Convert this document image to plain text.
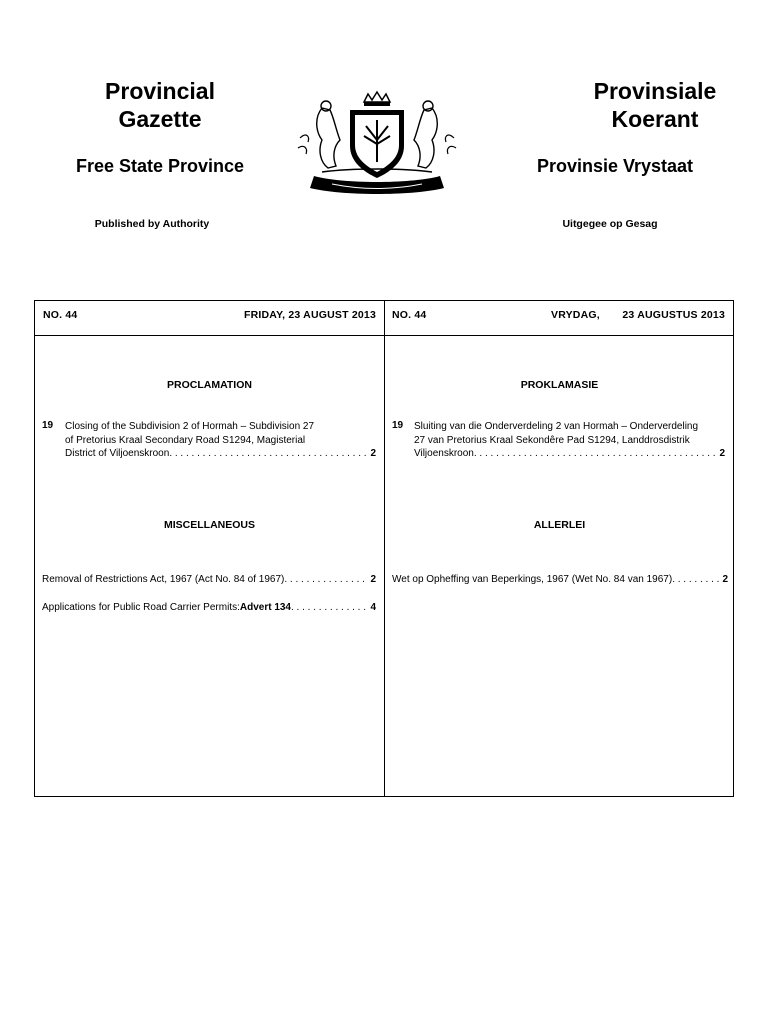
Provincial
Gazette
Free State Province
Published by Authority
Provinsiale
Koerant
Provinsie Vrystaat
Uitgegee op Gesag
NO. 44	FRIDAY, 23 AUGUST 2013 NO. 44	VRYDAG,	23 AUGUSTUS 2013
PROCLAMATION
19 Closing of the Subdivision 2 of Hormah – Subdivision 27
of Pretorius Kraal Secondary Road S1294, Magisterial
District of Viljoenskroon . . .	2
MISCELLANEOUS
Removal of Restrictions Act, 1967 (Act No. 84 of 1967) . . .	2
Applications for Public Road Carrier Permits: Advert 134 . . .	4
PROKLAMASIE
19 Sluiting van die Onderverdeling 2 van Hormah – Onderverdeling
27 van Pretorius Kraal Sekondêre Pad S1294, Landdrosdistrik
Viljoenskroon . . .	2
ALLERLEI
Wet op Opheffing van Beperkings, 1967 (Wet No. 84 van 1967) . . .	2
